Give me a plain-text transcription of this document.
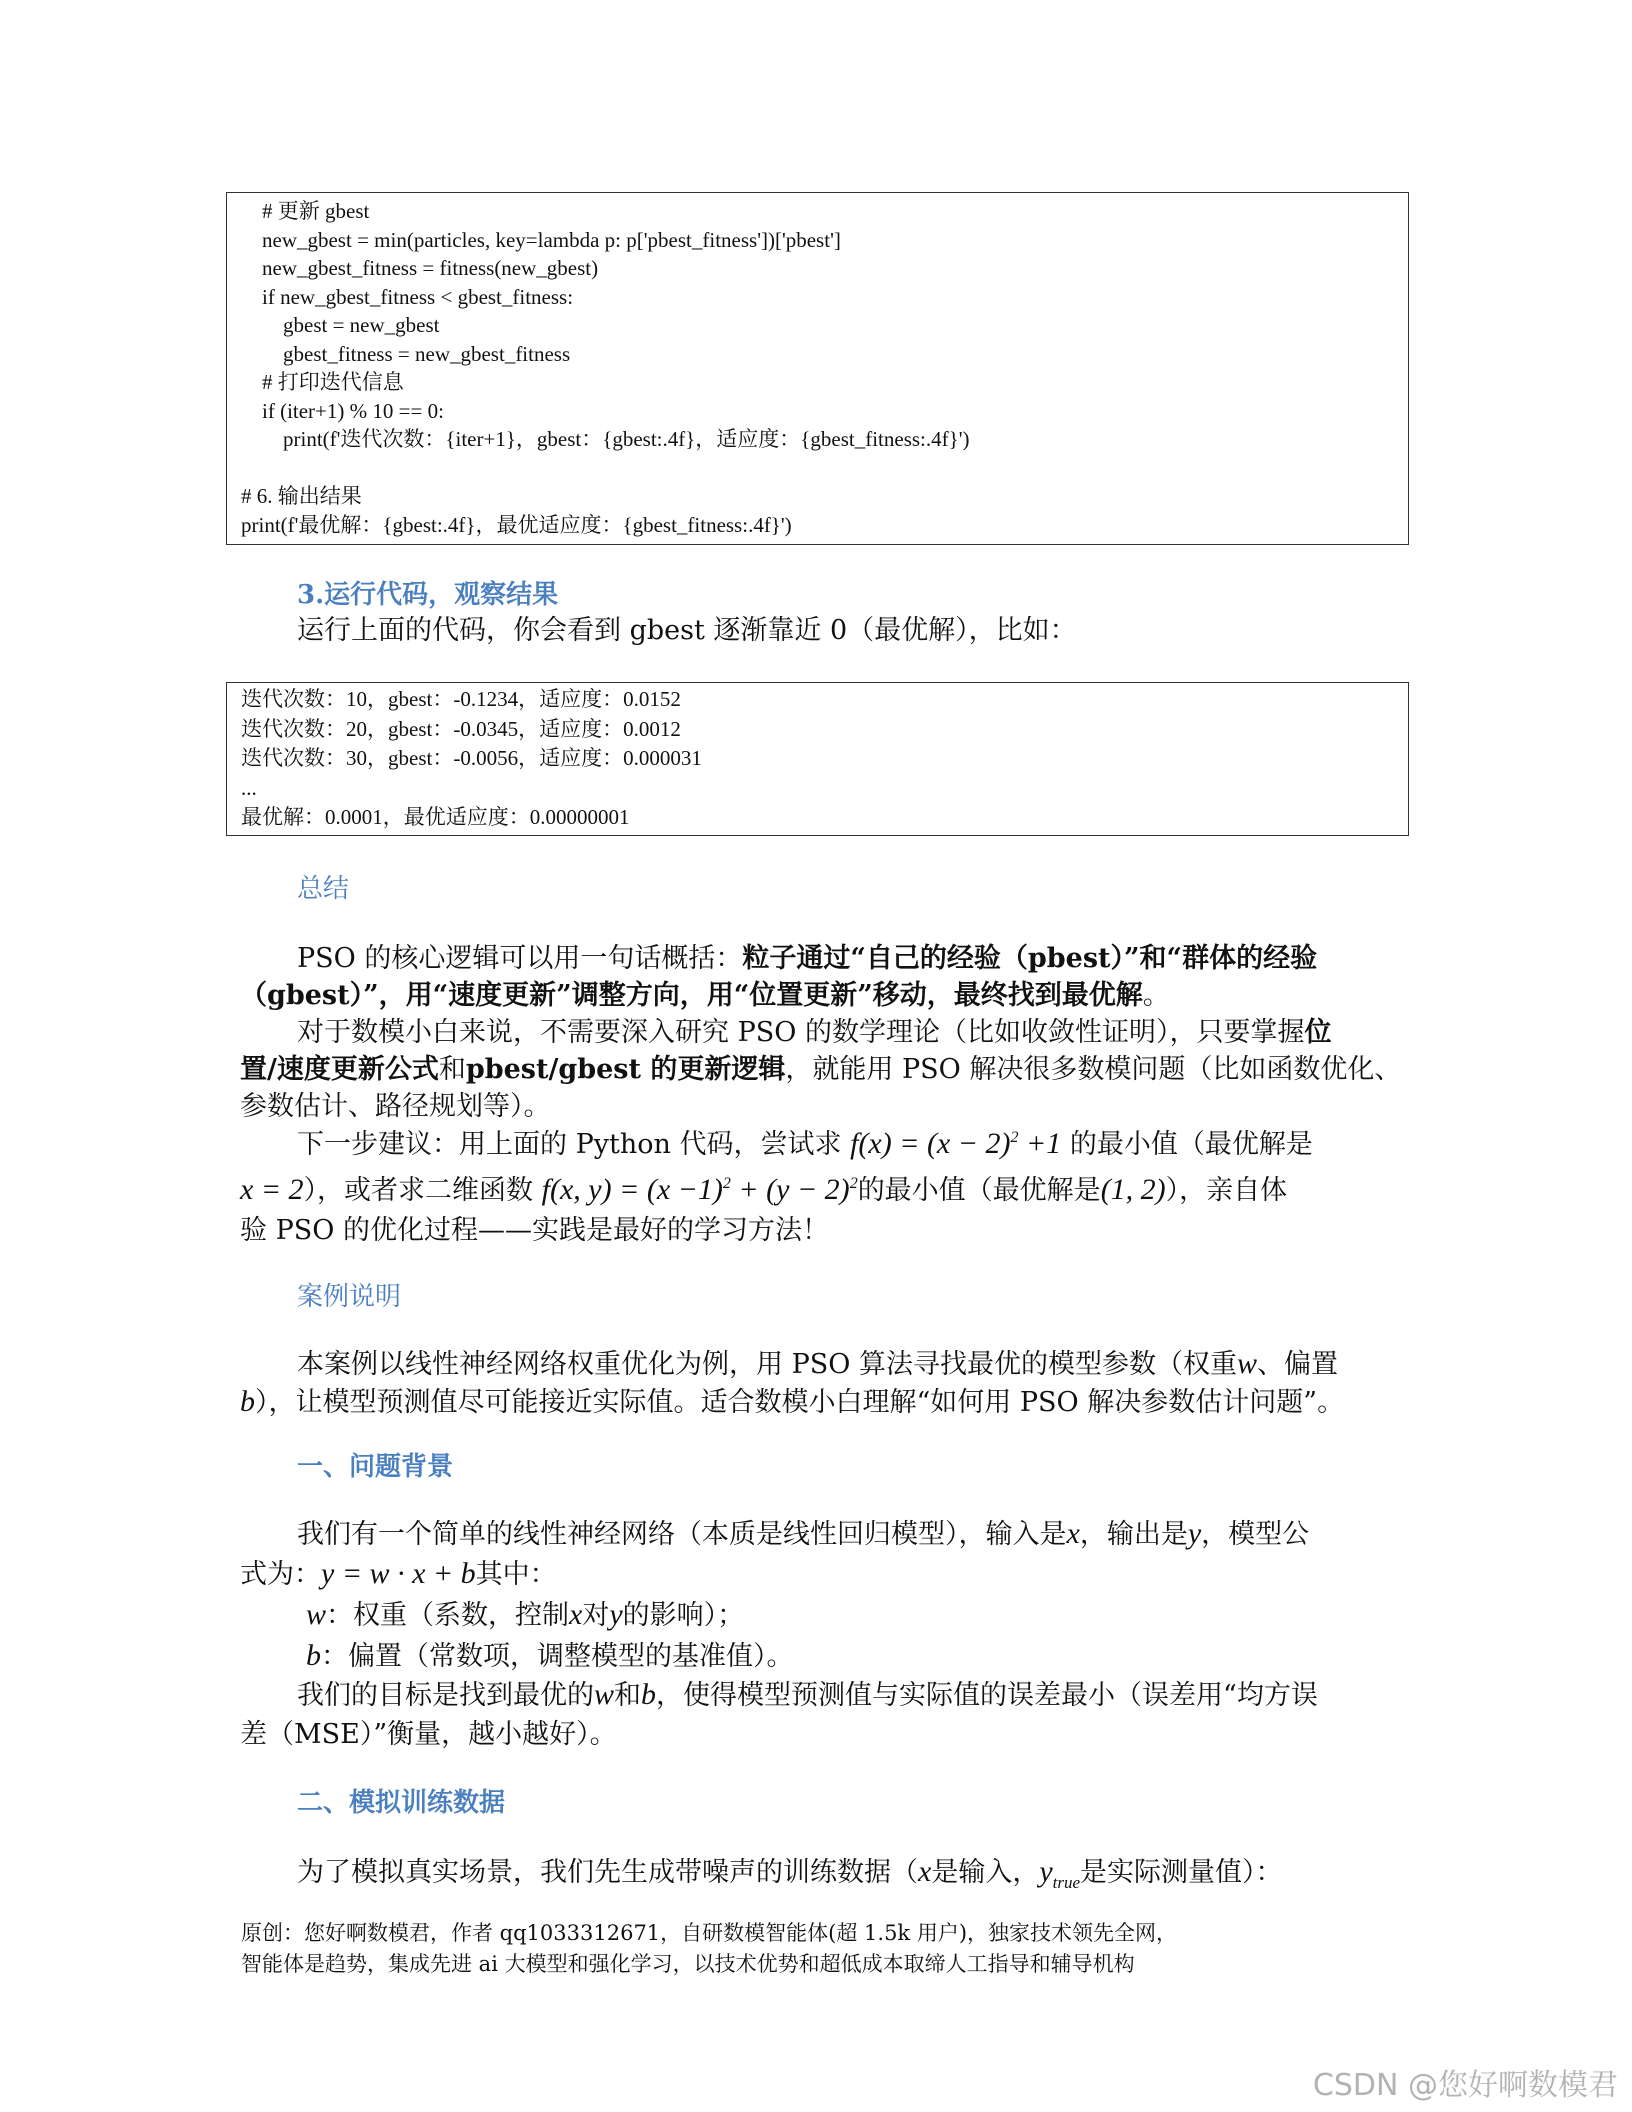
# 更新 gbest
new_gbest = min(particles, key=lambda p: p['pbest_fitness'])['pbest']
new_gbest_fitness = fitness(new_gbest)
if new_gbest_fitness < gbest_fitness:
gbest = new_gbest
gbest_fitness = new_gbest_fitness
# 打印迭代信息
if (iter+1) % 10 == 0:
print(f'迭代次数：{iter+1}，gbest：{gbest:.4f}，适应度：{gbest_fitness:.4f}')
# 6. 输出结果
print(f'最优解：{gbest:.4f}，最优适应度：{gbest_fitness:.4f}')
3.运行代码，观察结果
运行上面的代码，你会看到 gbest 逐渐靠近 0（最优解），比如：
迭代次数：10，gbest：-0.1234，适应度：0.0152
迭代次数：20，gbest：-0.0345，适应度：0.0012
迭代次数：30，gbest：-0.0056，适应度：0.000031
...
最优解：0.0001，最优适应度：0.00000001
总结
PSO 的核心逻辑可以用一句话概括：粒子通过“自己的经验（pbest）”和“群体的经验
（gbest）”，用“速度更新”调整方向，用“位置更新”移动，最终找到最优解。
对于数模小白来说，不需要深入研究 PSO 的数学理论（比如收敛性证明），只要掌握位
置/速度更新公式和pbest/gbest 的更新逻辑，就能用 PSO 解决很多数模问题（比如函数优化、
参数估计、路径规划等）。
下一步建议：用上面的 Python 代码，尝试求 $f(x) = (x - 2)^2 +1$ 的最小值（最优解是
x = 2），或者求二维函数 f(x, $y) = (x -1)^2 + (y - 2)^2$的最小值（最优解是(1, 2)），亲自体
验 PSO 的优化过程——实践是最好的学习方法！
案例说明
本案例以线性神经网络权重优化为例，用 PSO 算法寻找最优的模型参数（权重w、偏置
b），让模型预测值尽可能接近实际值。适合数模小白理解“如何用 PSO 解决参数估计问题”。
一、问题背景
我们有一个简单的线性神经网络（本质是线性回归模型），输入是x，输出是y，模型公
式为：y = w · x + b其中：
w：权重（系数，控制x对y的影响）；
b：偏置（常数项，调整模型的基准值）。
我们的目标是找到最优的w和b，使得模型预测值与实际值的误差最小（误差用“均方误
差（MSE）”衡量，越小越好）。
二、模拟训练数据
为了模拟真实场景，我们先生成带噪声的训练数据（x是输入，$y_{true}$是实际测量值）：
原创：您好啊数模君，作者 qq1033312671，自研数模智能体(超 1.5k 用户)，独家技术领先全网，
智能体是趋势，集成先进 ai 大模型和强化学习，以技术优势和超低成本取缔人工指导和辅导机构
CSDN @您好啊数模君
